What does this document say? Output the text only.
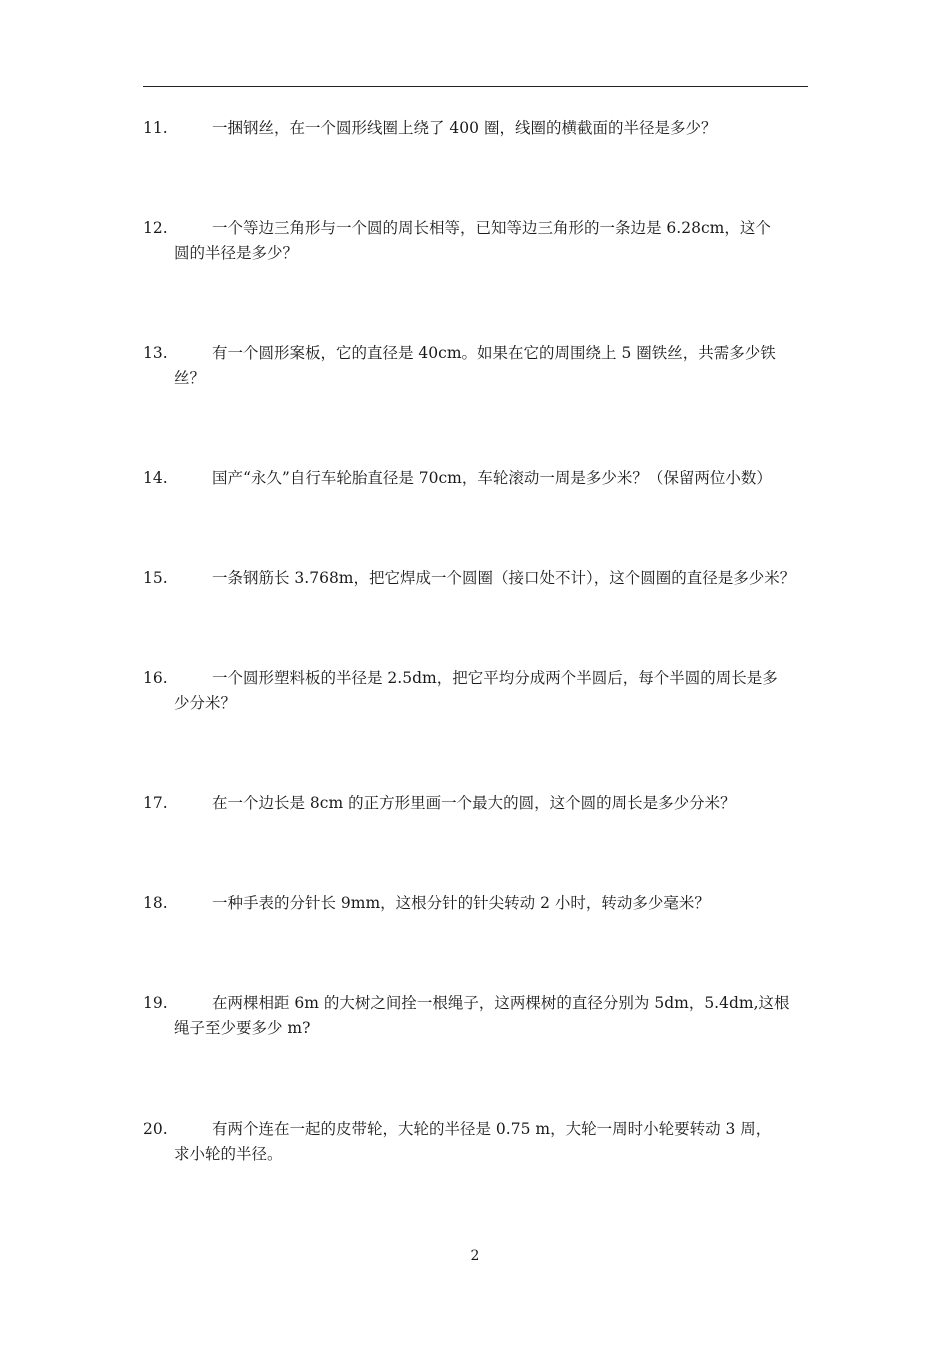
11.	一捆钢丝，在一个圆形线圈上绕了 400 圈，线圈的横截面的半径是多少？
12.	一个等边三角形与一个圆的周长相等，已知等边三角形的一条边是 6.28cm，这个
圆的半径是多少？
13.	有一个圆形案板，它的直径是 40cm。如果在它的周围绕上 5 圈铁丝，共需多少铁
丝？
14.	国产“永久”自行车轮胎直径是 70cm，车轮滚动一周是多少米？（保留两位小数）
15.	一条钢筋长 3.768m，把它焊成一个圆圈（接口处不计），这个圆圈的直径是多少米？
16.	一个圆形塑料板的半径是 2.5dm，把它平均分成两个半圆后，每个半圆的周长是多
少分米？
17.	在一个边长是 8cm 的正方形里画一个最大的圆，这个圆的周长是多少分米？
18.	一种手表的分针长 9mm，这根分针的针尖转动 2 小时，转动多少毫米？
19.	在两棵相距 6m 的大树之间拴一根绳子，这两棵树的直径分别为 5dm，5.4dm,这根
绳子至少要多少 m?
20.	有两个连在一起的皮带轮，大轮的半径是 0.75 m，大轮一周时小轮要转动 3 周，
求小轮的半径。
2
